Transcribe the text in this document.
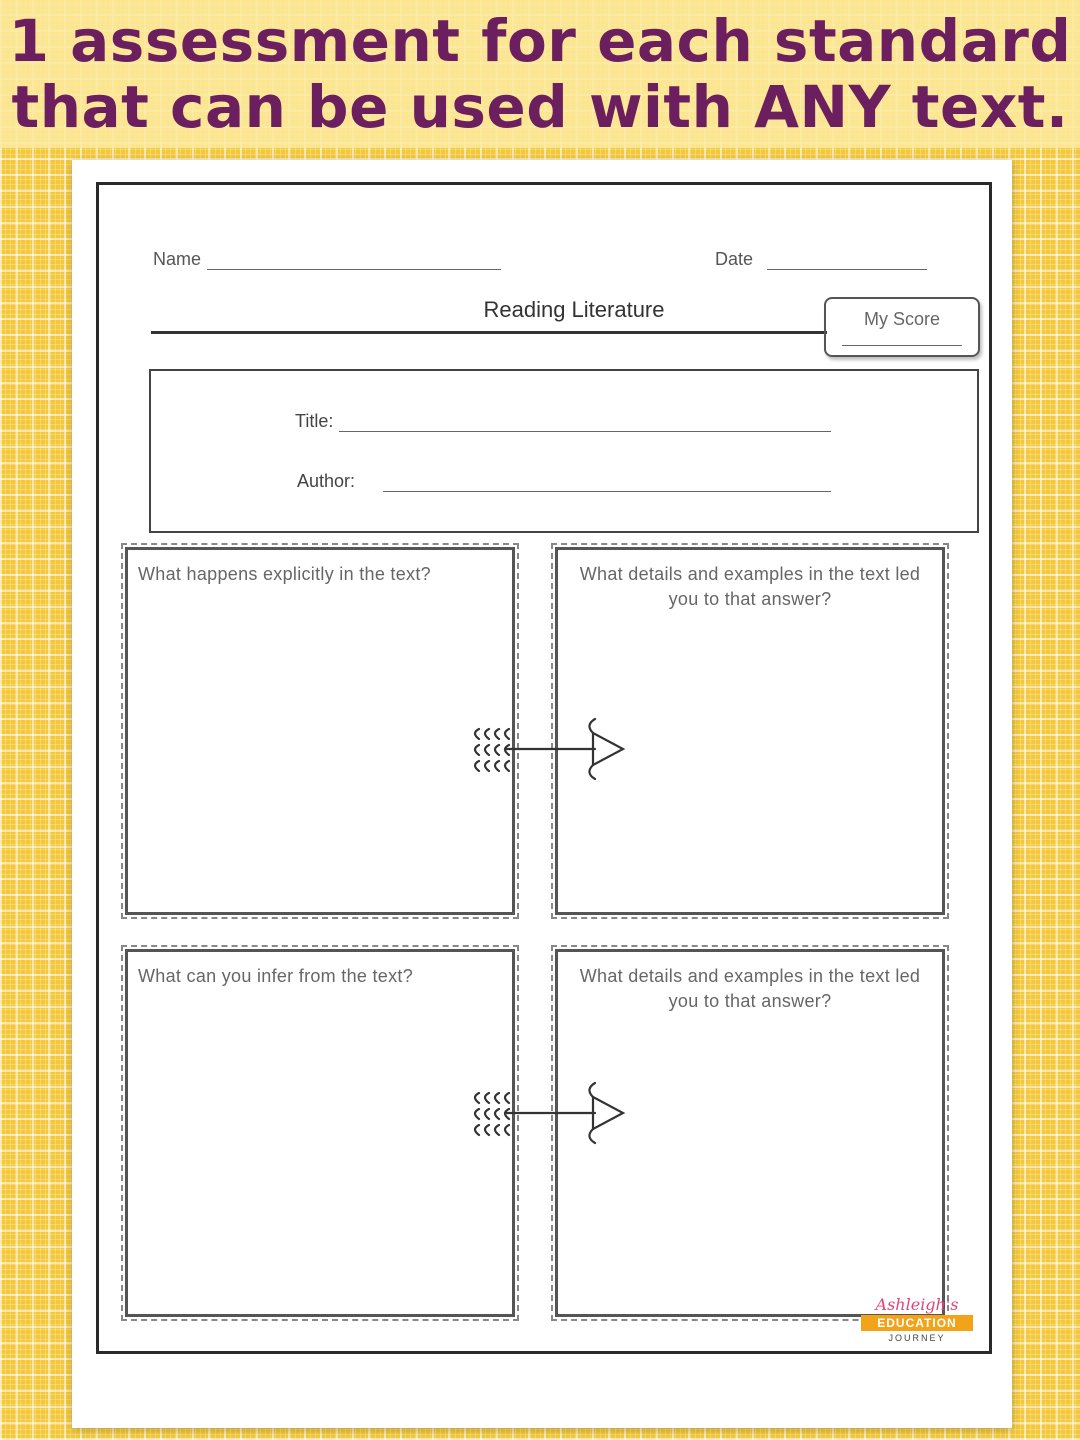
1 assessment for each standard
that can be used with ANY text.
Name	Date
Reading Literature	My Score
Title:
Author:
What happens explicitly in the text?	What details and examples in the text led you to that answer?
What can you infer from the text?	What details and examples in the text led you to that answer?
Ashleigh's
EDUCATION
JOURNEY
